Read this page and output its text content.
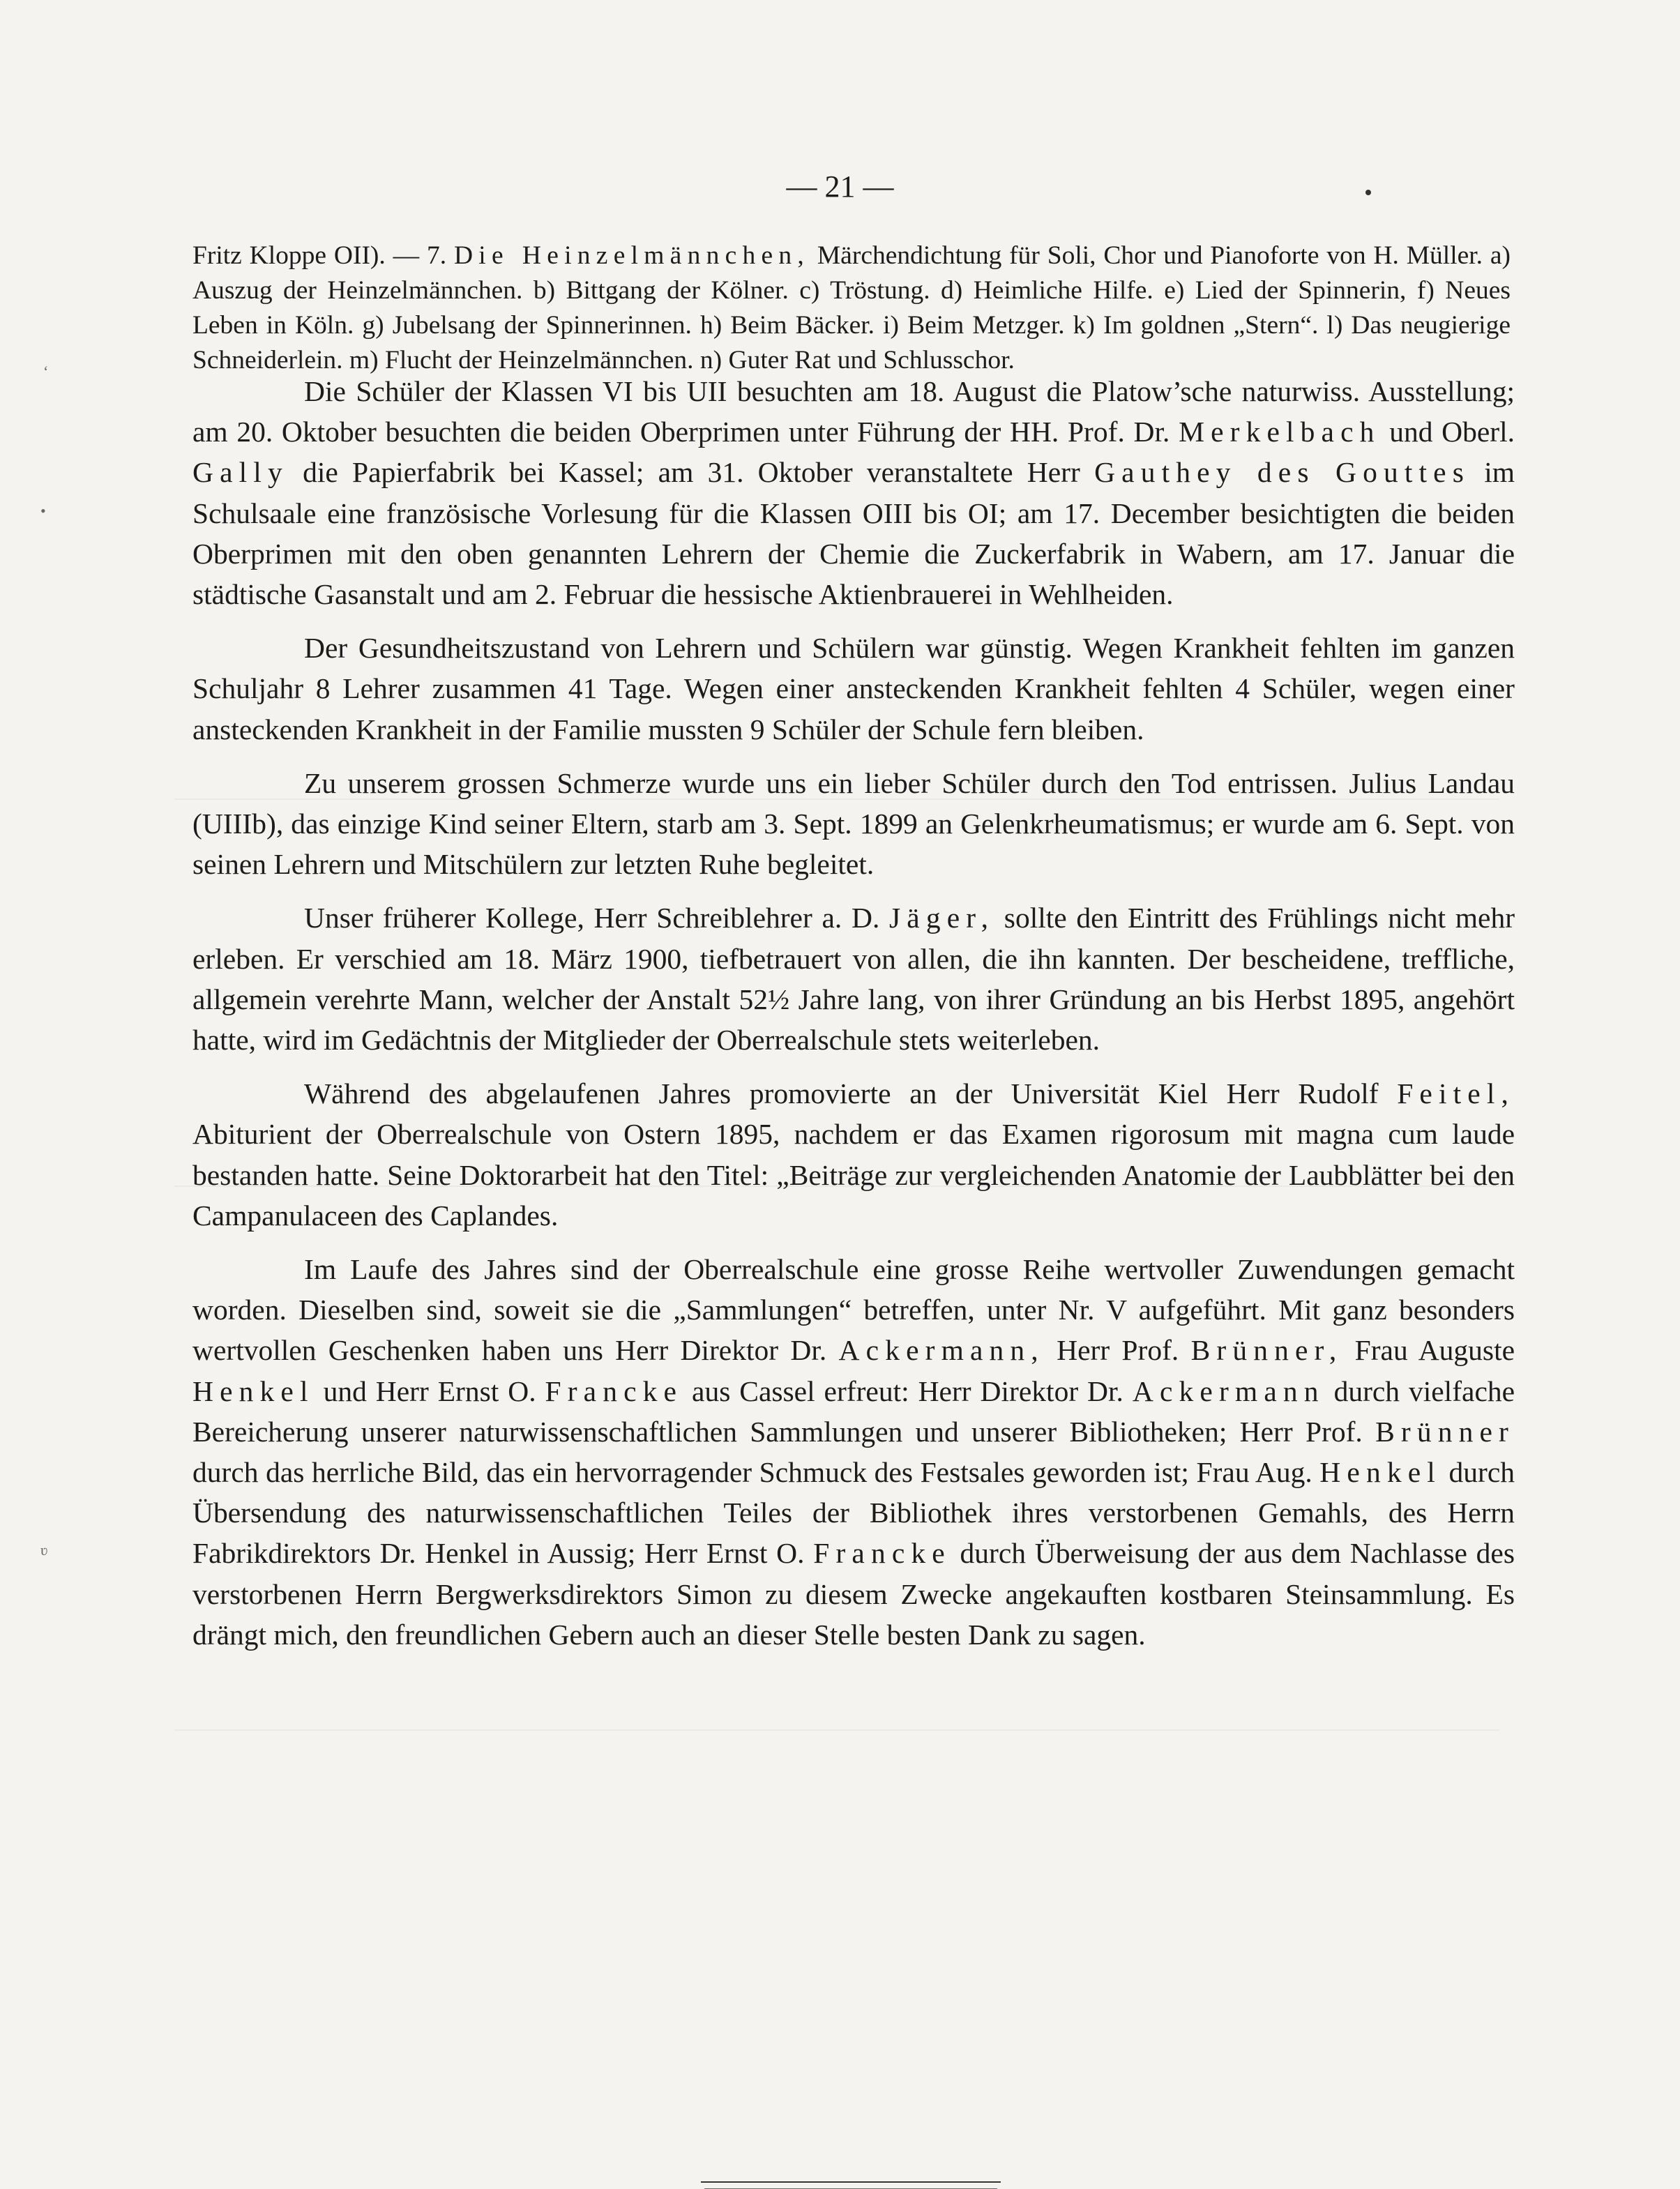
— 21 —
‘
•
ʋ
Fritz Kloppe OII). — 7. Die Heinzelmännchen, Märchendichtung für Soli, Chor und Pianoforte von H. Müller. a) Auszug der Heinzelmännchen. b) Bittgang der Kölner. c) Tröstung. d) Heimliche Hilfe. e) Lied der Spinnerin, f) Neues Leben in Köln. g) Jubelsang der Spinnerinnen. h) Beim Bäcker. i) Beim Metzger. k) Im goldnen „Stern“. l) Das neugierige Schneiderlein. m) Flucht der Heinzelmännchen. n) Guter Rat und Schlusschor.

Die Schüler der Klassen VI bis UII besuchten am 18. August die Platow’sche naturwiss. Ausstellung; am 20. Oktober besuchten die beiden Oberprimen unter Führung der HH. Prof. Dr. Merkelbach und Oberl. Gally die Papierfabrik bei Kassel; am 31. Oktober veranstaltete Herr Gauthey des Gouttes im Schulsaale eine französische Vorlesung für die Klassen OIII bis OI; am 17. December besichtigten die beiden Oberprimen mit den oben genannten Lehrern der Chemie die Zuckerfabrik in Wabern, am 17. Januar die städtische Gasanstalt und am 2. Februar die hessische Aktienbrauerei in Wehlheiden.

Der Gesundheitszustand von Lehrern und Schülern war günstig. Wegen Krankheit fehlten im ganzen Schuljahr 8 Lehrer zusammen 41 Tage. Wegen einer ansteckenden Krankheit fehlten 4 Schüler, wegen einer ansteckenden Krankheit in der Familie mussten 9 Schüler der Schule fern bleiben.

Zu unserem grossen Schmerze wurde uns ein lieber Schüler durch den Tod entrissen. Julius Landau (UIIIb), das einzige Kind seiner Eltern, starb am 3. Sept. 1899 an Gelenkrheumatismus; er wurde am 6. Sept. von seinen Lehrern und Mitschülern zur letzten Ruhe begleitet.

Unser früherer Kollege, Herr Schreiblehrer a. D. Jäger, sollte den Eintritt des Frühlings nicht mehr erleben. Er verschied am 18. März 1900, tiefbetrauert von allen, die ihn kannten. Der bescheidene, treffliche, allgemein verehrte Mann, welcher der Anstalt 52½ Jahre lang, von ihrer Gründung an bis Herbst 1895, angehört hatte, wird im Gedächtnis der Mitglieder der Oberrealschule stets weiterleben.

Während des abgelaufenen Jahres promovierte an der Universität Kiel Herr Rudolf Feitel, Abiturient der Oberrealschule von Ostern 1895, nachdem er das Examen rigorosum mit magna cum laude bestanden hatte. Seine Doktorarbeit hat den Titel: „Beiträge zur vergleichenden Anatomie der Laubblätter bei den Campanulaceen des Caplandes.

Im Laufe des Jahres sind der Oberrealschule eine grosse Reihe wertvoller Zuwendungen gemacht worden. Dieselben sind, soweit sie die „Sammlungen“ betreffen, unter Nr. V aufgeführt. Mit ganz besonders wertvollen Geschenken haben uns Herr Direktor Dr. Ackermann, Herr Prof. Brünner, Frau Auguste Henkel und Herr Ernst O. Francke aus Cassel erfreut: Herr Direktor Dr. Ackermann durch vielfache Bereicherung unserer naturwissenschaftlichen Sammlungen und unserer Bibliotheken; Herr Prof. Brünner durch das herrliche Bild, das ein hervorragender Schmuck des Festsales geworden ist; Frau Aug. Henkel durch Übersendung des naturwissenschaftlichen Teiles der Bibliothek ihres verstorbenen Gemahls, des Herrn Fabrikdirektors Dr. Henkel in Aussig; Herr Ernst O. Francke durch Überweisung der aus dem Nachlasse des verstorbenen Herrn Bergwerksdirektors Simon zu diesem Zwecke angekauften kostbaren Steinsammlung. Es drängt mich, den freundlichen Gebern auch an dieser Stelle besten Dank zu sagen.
